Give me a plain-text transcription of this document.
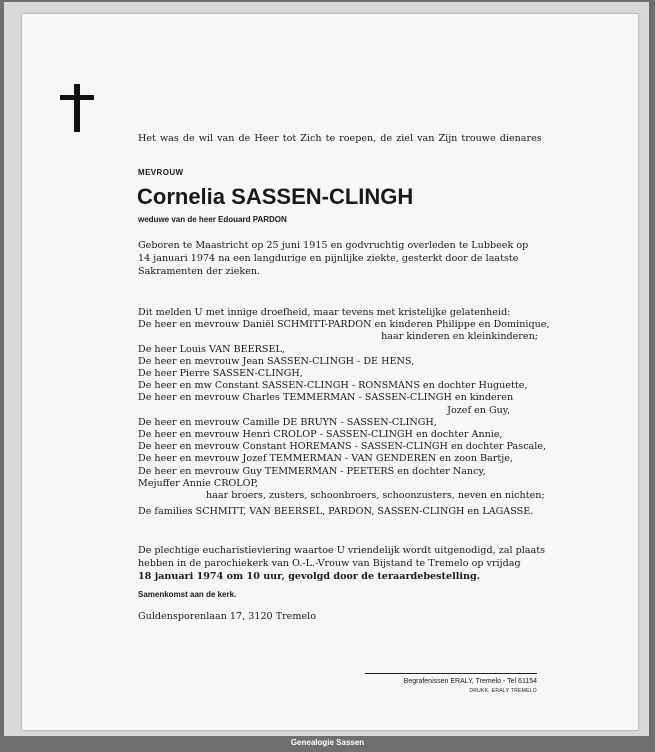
Het was de wil van de Heer tot Zich te roepen, de ziel van Zijn trouwe dienares
MEVROUW
Cornelia SASSEN-CLINGH
weduwe van de heer Edouard PARDON
Geboren te Maastricht op 25 juni 1915 en godvruchtig overleden te Lubbeek op
14 januari 1974 na een langdurige en pijnlijke ziekte, gesterkt door de laatste
Sakramenten der zieken.
Dit melden U met innige droefheid, maar tevens met kristelijke gelatenheid:
De heer en mevrouw Daniël SCHMITT-PARDON en kinderen Philippe en Dominique,
haar kinderen en kleinkinderen;
De heer Louis VAN BEERSEL,
De heer en mevrouw Jean SASSEN-CLINGH - DE HENS,
De heer Pierre SASSEN-CLINGH,
De heer en mw Constant SASSEN-CLINGH - RONSMANS en dochter Huguette,
De heer en mevrouw Charles TEMMERMAN - SASSEN-CLINGH en kinderen
Jozef en Guy,
De heer en mevrouw Camille DE BRUYN - SASSEN-CLINGH,
De heer en mevrouw Henri CROLOP - SASSEN-CLINGH en dochter Annie,
De heer en mevrouw Constant HOREMANS - SASSEN-CLINGH en dochter Pascale,
De heer en mevrouw Jozef TEMMERMAN - VAN GENDEREN en zoon Bartje,
De heer en mevrouw Guy TEMMERMAN - PEETERS en dochter Nancy,
Mejuffer Annie CROLOP,
haar broers, zusters, schoonbroers, schoonzusters, neven en nichten;
De families SCHMITT, VAN BEERSEL, PARDON, SASSEN-CLINGH en LAGASSE.
De plechtige eucharistieviering waartoe U vriendelijk wordt uitgenodigd, zal plaats
hebben in de parochiekerk van O.-L.-Vrouw van Bijstand te Tremelo op vrijdag
18 januari 1974 om 10 uur, gevolgd door de teraardebestelling.
Samenkomst aan de kerk.
Guldensporenlaan 17, 3120 Tremelo
Begrafenissen ERALY, Tremelo - Tel 61154
DRUKK. ERALY TREMELO
Genealogie Sassen
